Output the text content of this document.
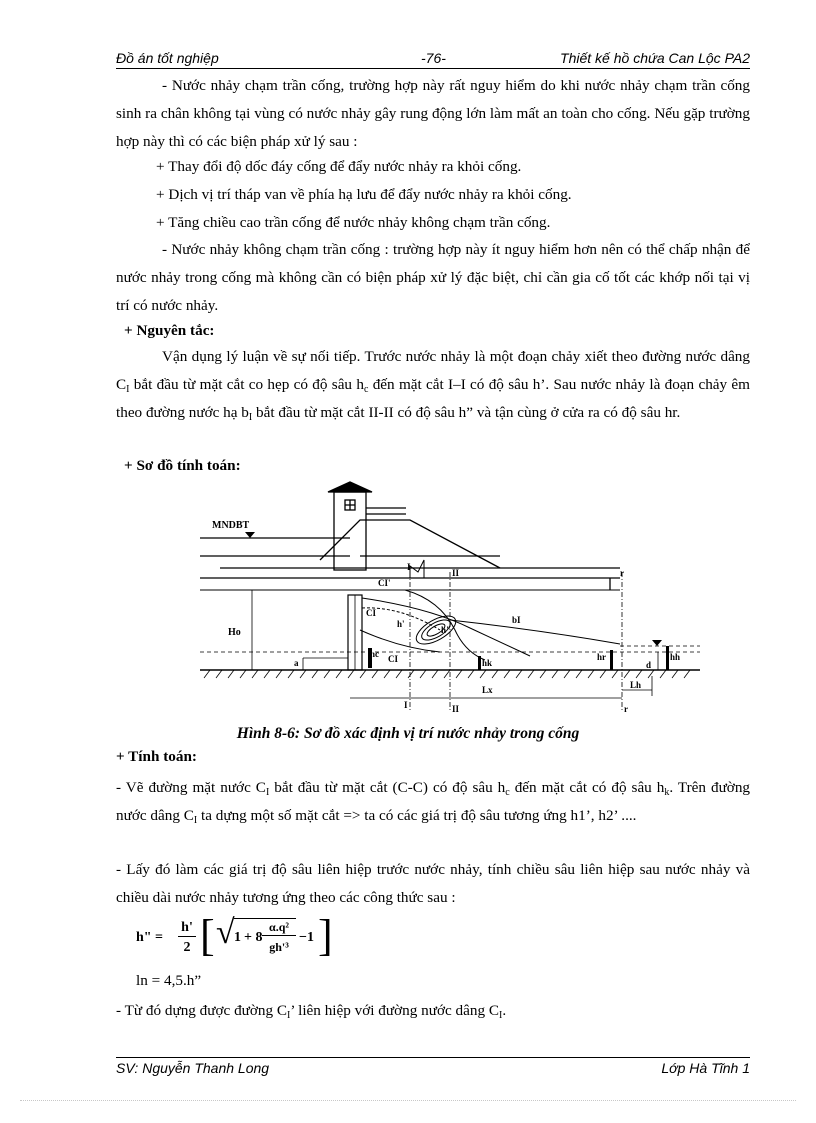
Đồ án tốt nghiệp	-76-	Thiết kế hồ chứa Can Lộc PA2
- Nước nhảy chạm trần cống, trường hợp này rất nguy hiểm do khi nước nhảy chạm trần cống sinh ra chân không tại vùng có nước nhảy gây rung động lớn làm mất an toàn cho cống. Nếu gặp trường hợp này thì có các biện pháp xử lý sau :
+ Thay đổi độ dốc đáy cống để đẩy nước nhảy ra khỏi cống.
+ Dịch vị trí tháp van về phía hạ lưu để đẩy nước nhảy ra khỏi cống.
+ Tăng chiều cao trần cống để nước nhảy không chạm trần cống.
- Nước nhảy không chạm trần cống : trường hợp này ít nguy hiểm hơn nên có thể chấp nhận để nước nhảy trong cống mà không cần có biện pháp xử lý đặc biệt, chỉ cần gia cố tốt các khớp nối tại vị trí có nước nhảy.
+ Nguyên tắc:
Vận dụng lý luận về sự nối tiếp. Trước nước nhảy là một đoạn chảy xiết theo đường nước dâng $C_I$ bắt đầu từ mặt cắt co hẹp có độ sâu $h_c$ đến mặt cắt I–I có độ sâu h’. Sau nước nhảy là đoạn chảy êm theo đường nước hạ $b_I$ bắt đầu từ mặt cắt II-II có độ sâu h” và tận cùng ở cửa ra có độ sâu hr.
+ Sơ đồ tính toán:
MNDBT
I
II	r
CI'
CI
bI
Ho
h'
h"
a
hc CI	hk
hr	hh
d
Lx	Lh
I	II	r
Hình 8-6: Sơ đồ xác định vị trí nước nhảy trong cống
+ Tính toán:
- Vẽ đường mặt nước $C_I$ bắt đầu từ mặt cắt (C-C) có độ sâu $h_c$ đến mặt cắt có độ sâu $h_k$. Trên đường nước dâng $C_I$ ta dựng một số mặt cắt => ta có các giá trị độ sâu tương ứng h1’, h2’ ....
- Lấy đó làm các giá trị độ sâu liên hiệp trước nước nhảy, tính chiều sâu liên hiệp sau nước nhảy và chiều dài nước nhảy tương ứng theo các công thức sau :
h" =
h'
2 [ √ 1 + 8
α.q²
gh'³
−1 ]
ln = 4,5.h”
- Từ đó dựng được đường $C_I$’ liên hiệp với đường nước dâng $C_I$.
SV: Nguyễn Thanh Long	Lớp Hà Tĩnh 1
